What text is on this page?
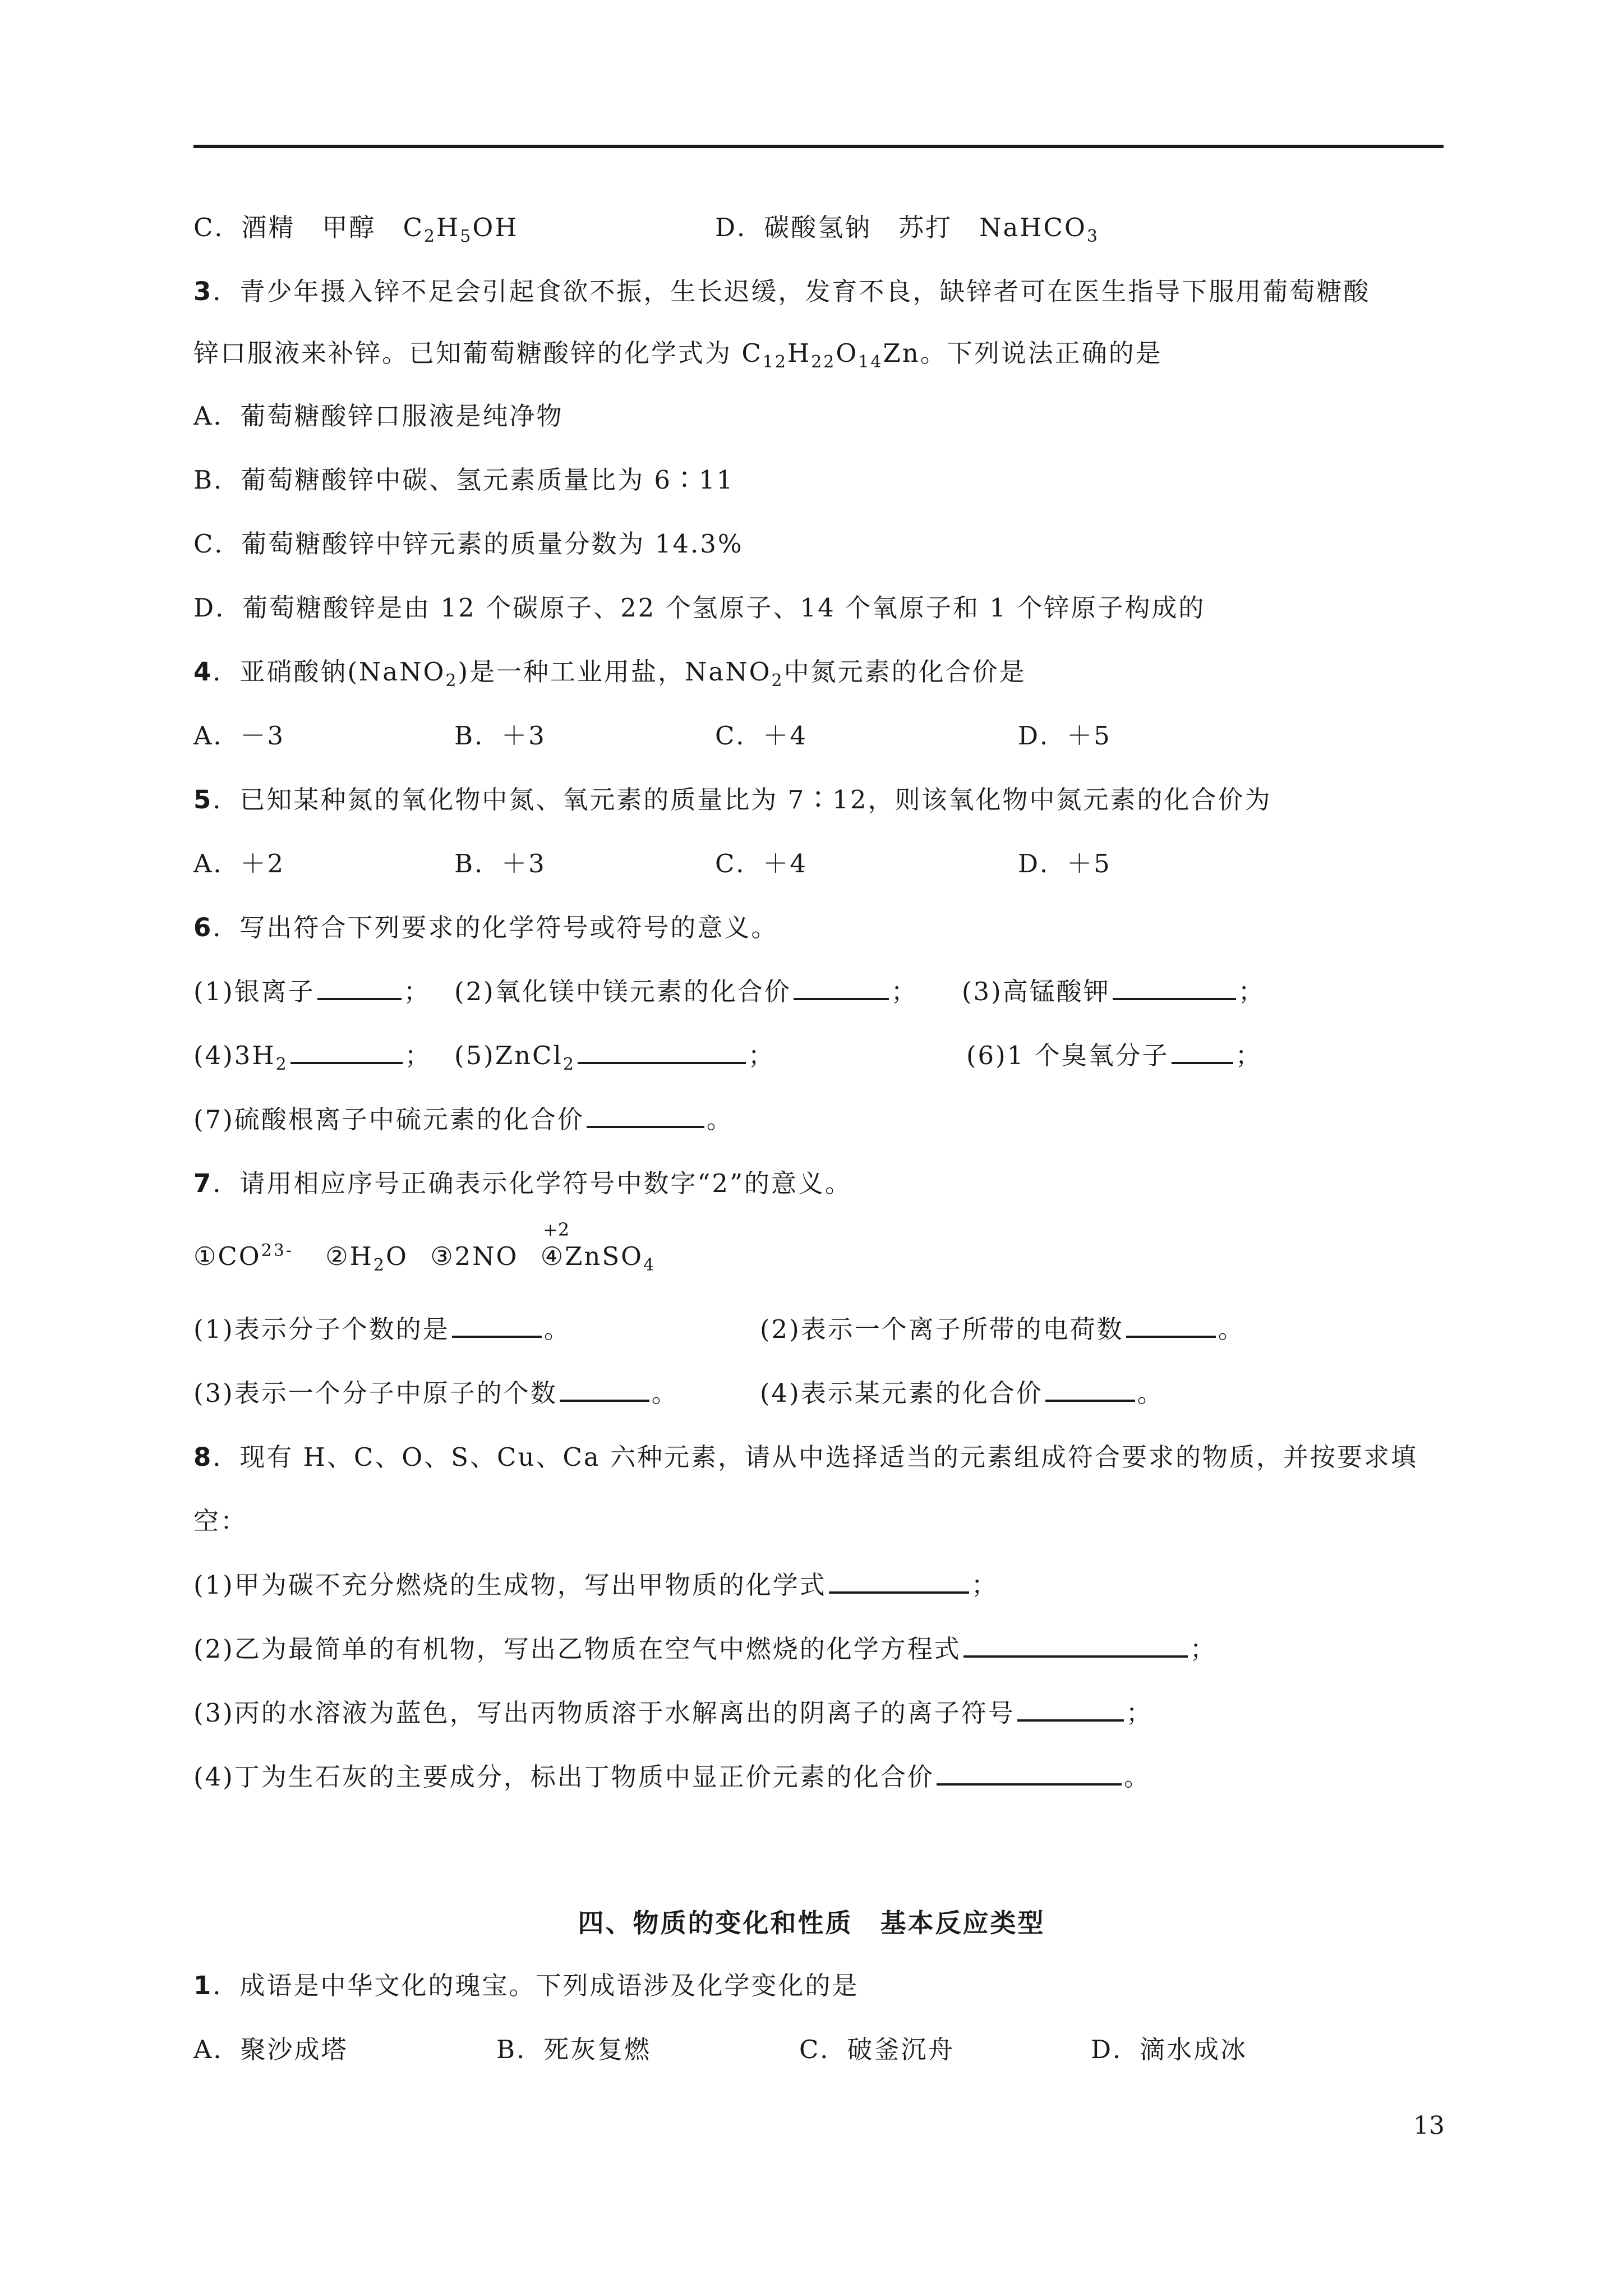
C．酒精　甲醇　$C_2H_5OH$	D．碳酸氢钠　苏打　NaHCO$_3$
3．青少年摄入锌不足会引起食欲不振，生长迟缓，发育不良，缺锌者可在医生指导下服用葡萄糖酸
锌口服液来补锌。已知葡萄糖酸锌的化学式为 $C_{12}H_{22}O_{14}Zn$。下列说法正确的是
A．葡萄糖酸锌口服液是纯净物
B．葡萄糖酸锌中碳、氢元素质量比为 6∶11
C．葡萄糖酸锌中锌元素的质量分数为 14.3%
D．葡萄糖酸锌是由 12 个碳原子、22 个氢原子、14 个氧原子和 1 个锌原子构成的
4．亚硝酸钠(NaNO$_2$)是一种工业用盐，NaNO$_2$中氮元素的化合价是
A．－3	B．＋3	C．＋4	D．＋5
5．已知某种氮的氧化物中氮、氧元素的质量比为 7∶12，则该氧化物中氮元素的化合价为
A．＋2	B．＋3	C．＋4	D．＋5
6．写出符合下列要求的化学符号或符号的意义。
(1)银离子	； (2)氧化镁中镁元素的化合价	； (3)高锰酸钾	；
$(4)3H_2$	； (5)ZnCl$_2$	；	(6)1 个臭氧分子	；
(7)硫酸根离子中硫元素的化合价	。
7．请用相应序号正确表示化学符号中数字“2”的意义。
+2
$①CO^{23-}$ $②H_2O$ ③2NO ④ZnSO$_4$
(1)表示分子个数的是	。	(2)表示一个离子所带的电荷数	。
(3)表示一个分子中原子的个数	。	(4)表示某元素的化合价	。
8．现有 H、C、O、S、Cu、Ca 六种元素，请从中选择适当的元素组成符合要求的物质，并按要求填
空：
(1)甲为碳不充分燃烧的生成物，写出甲物质的化学式	；
(2)乙为最简单的有机物，写出乙物质在空气中燃烧的化学方程式	；
(3)丙的水溶液为蓝色，写出丙物质溶于水解离出的阴离子的离子符号	；
(4)丁为生石灰的主要成分，标出丁物质中显正价元素的化合价	。
四、物质的变化和性质　基本反应类型
1．成语是中华文化的瑰宝。下列成语涉及化学变化的是
A．聚沙成塔	B．死灰复燃	C．破釜沉舟	D．滴水成冰
13
